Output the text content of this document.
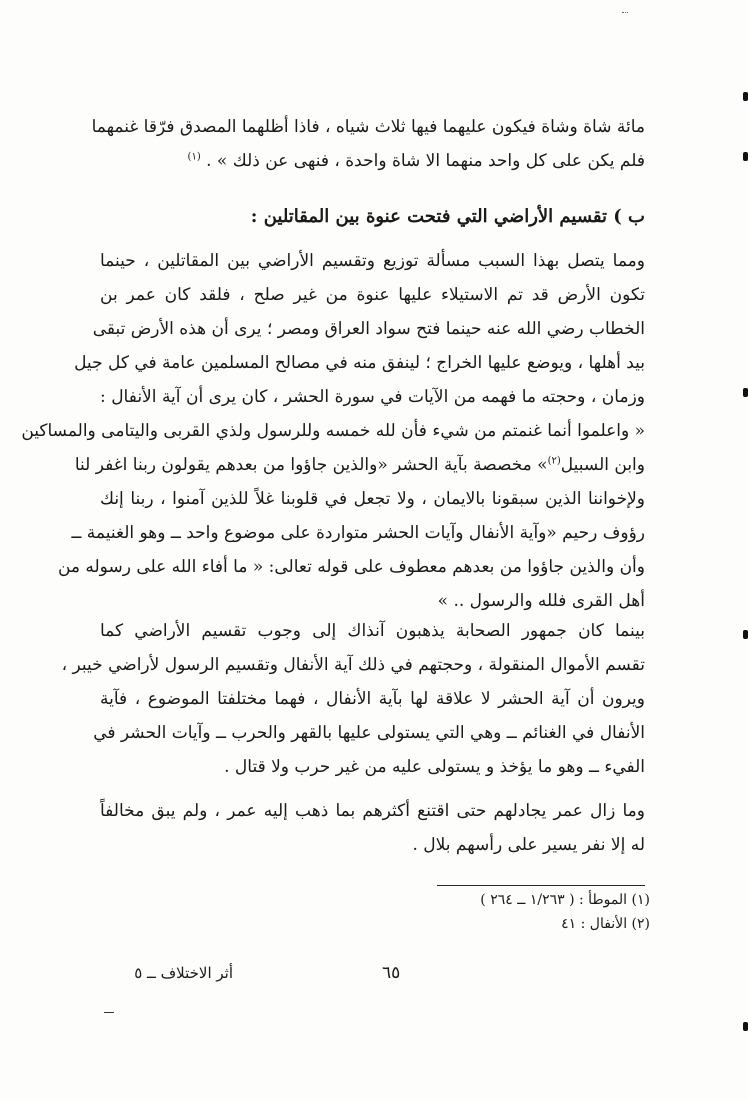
مائة شاة وشاة فيكون عليهما فيها ثلاث شياه ، فاذا أظلهما المصدق فرّقا غنمهما
فلم يكن على كل واحد منهما الا شاة واحدة ، فنهى عن ذلك » . $^{(١)}$
ب ) تقسيم الأراضي التي فتحت عنوة بين المقاتلين :
ومما يتصل بهذا السبب مسألة توزيع وتقسيم الأراضي بين المقاتلين ، حينما
تكون الأرض قد تم الاستيلاء عليها عنوة من غير صلح ، فلقد كان عمر بن
الخطاب رضي الله عنه حينما فتح سواد العراق ومصر ؛ يرى أن هذه الأرض تبقى
بيد أهلها ، ويوضع عليها الخراج ؛ لينفق منه في مصالح المسلمين عامة في كل جيل
وزمان ، وحجته ما فهمه من الآيات في سورة الحشر ، كان يرى أن آية الأنفال :
« واعلموا أنما غنمتم من شيء فأن لله خمسه وللرسول ولذي القربى واليتامى والمساكين
وابن السبيل$^{(٢)}$» مخصصة بآية الحشر «والذين جاؤوا من بعدهم يقولون ربنا اغفر لنا
ولإخواننا الذين سبقونا بالايمان ، ولا تجعل في قلوبنا غلاً للذين آمنوا ، ربنا إنك
رؤوف رحيم «وآية الأنفال وآيات الحشر متواردة على موضوع واحد ــ وهو الغنيمة ــ
وأن والذين جاؤوا من بعدهم معطوف على قوله تعالى: « ما أفاء الله على رسوله من
أهل القرى فلله والرسول .. »
بينما كان جمهور الصحابة يذهبون آنذاك إلى وجوب تقسيم الأراضي كما
تقسم الأموال المنقولة ، وحجتهم في ذلك آية الأنفال وتقسيم الرسول لأراضي خيبر ،
ويرون أن آية الحشر لا علاقة لها بآية الأنفال ، فهما مختلفتا الموضوع ، فآية
الأنفال في الغنائم ــ وهي التي يستولى عليها بالقهر والحرب ــ وآيات الحشر في
الفيء ــ وهو ما يؤخذ و يستولى عليه من غير حرب ولا قتال .
وما زال عمر يجادلهم حتى اقتنع أكثرهم بما ذهب إليه عمر ، ولم يبق مخالفاً
له إلا نفر يسير على رأسهم بلال .
(١) الموطأ : ( ١/٢٦٣ ــ ٢٦٤ )
(٢) الأنفال : ٤١
٦٥
أثر الاختلاف ــ ٥
